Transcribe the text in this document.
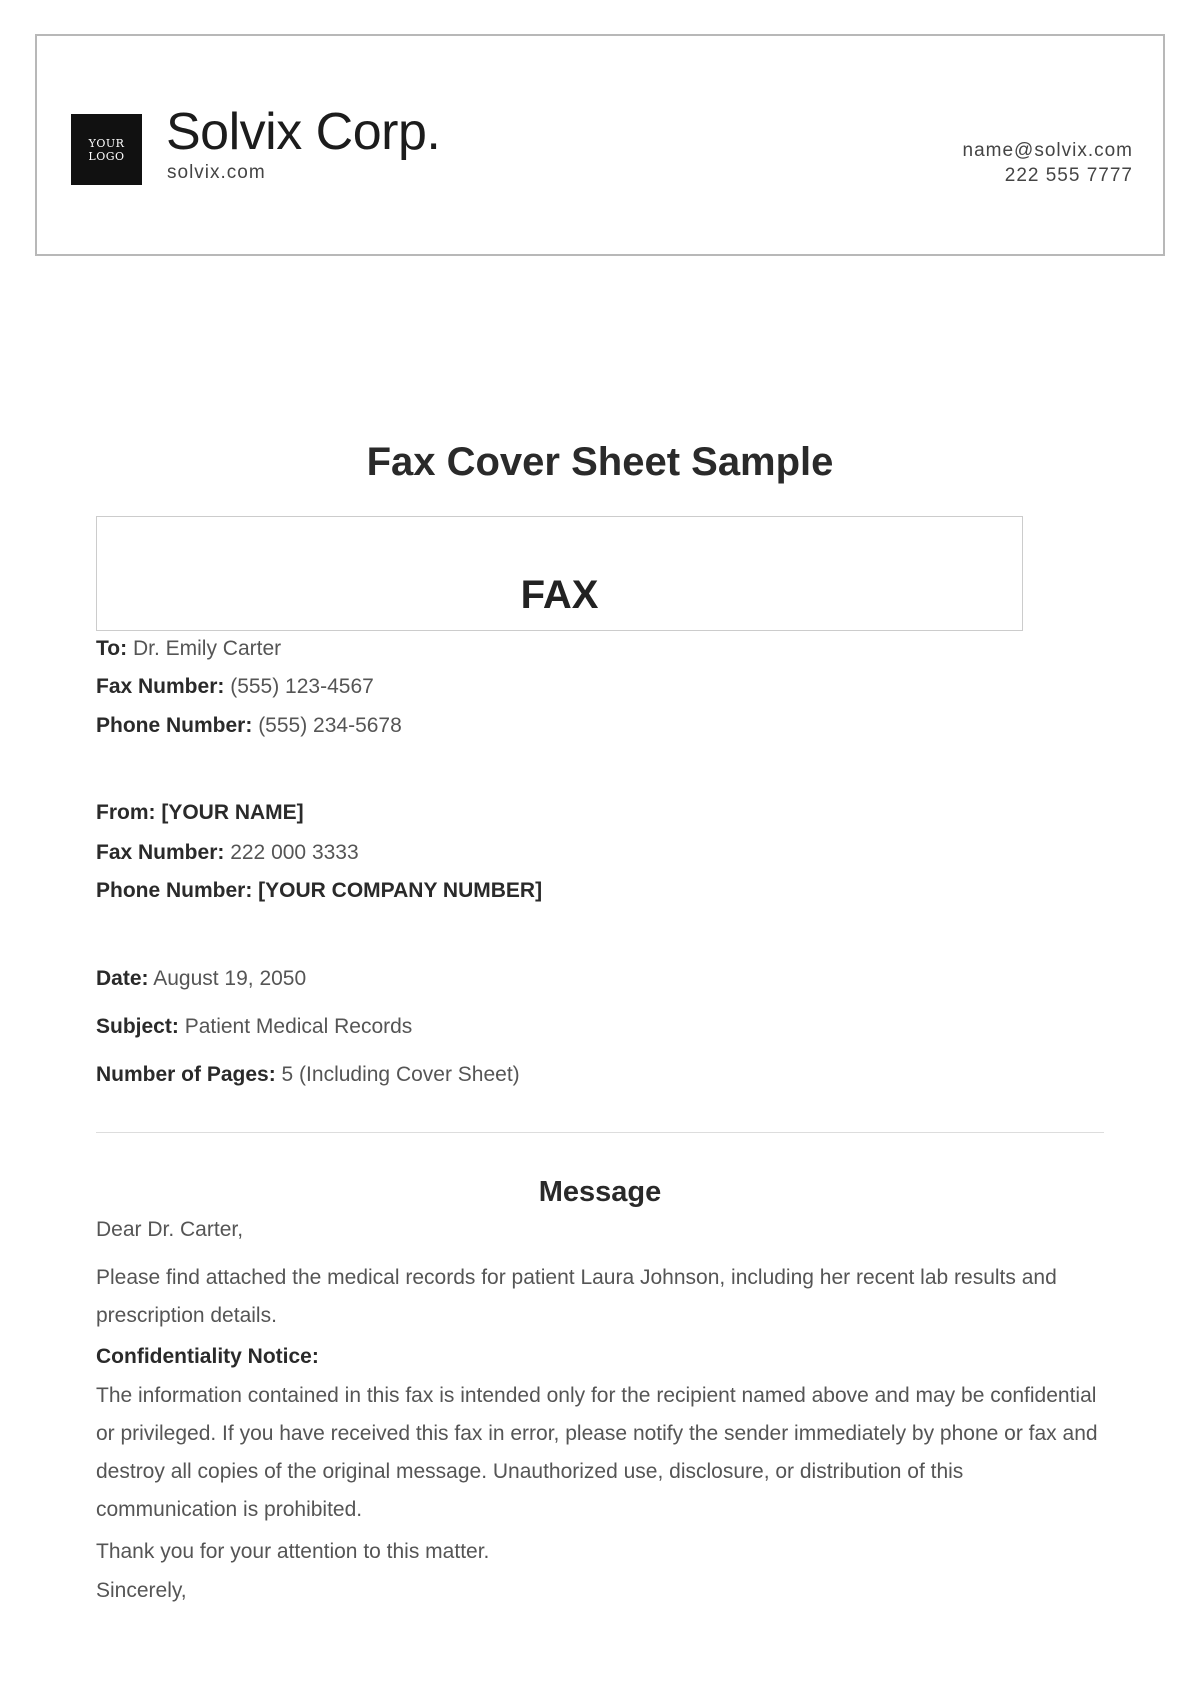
YOUR
LOGO Solvix Corp.
solvix.com
name@solvix.com
222 555 7777
Fax Cover Sheet Sample
FAX
To: Dr. Emily Carter
Fax Number: (555) 123-4567
Phone Number: (555) 234-5678
From: [YOUR NAME]
Fax Number: 222 000 3333
Phone Number: [YOUR COMPANY NUMBER]
Date: August 19, 2050
Subject: Patient Medical Records
Number of Pages: 5 (Including Cover Sheet)
Message
Dear Dr. Carter,
Please find attached the medical records for patient Laura Johnson, including her recent lab results and prescription details.
Confidentiality Notice:
The information contained in this fax is intended only for the recipient named above and may be confidential or privileged. If you have received this fax in error, please notify the sender immediately by phone or fax and destroy all copies of the original message. Unauthorized use, disclosure, or distribution of this communication is prohibited.
Thank you for your attention to this matter.
Sincerely,
